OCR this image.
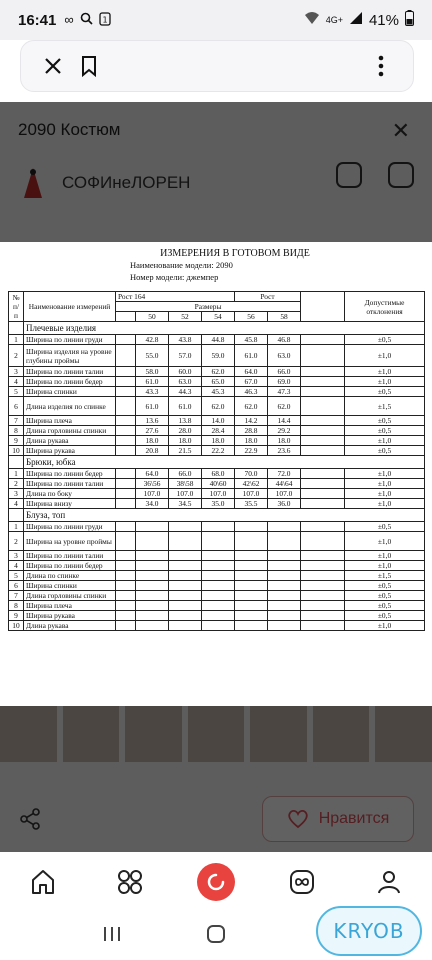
16:41 ∞	1	4G+ 41%
ИЗМЕРЕНИЯ В ГОТОВОМ ВИДЕ
Наименование модели: 2090
Номер модели: джемпер
№ п/ п	Наименование измерений	Рост 164				Рост			Допустимые отклонения
		Размеры							
			50	52	54	56	58		
	Плечевые изделия								
1	Ширина по линии груди		42.8	43.8	44.8	45.8	46.8		±0,5
2	Ширина изделия на уровне глубины проймы		55.0	57.0	59.0	61.0	63.0		±1,0
3	Ширина по линии талии		58.0	60.0	62.0	64.0	66.0		±1,0
4	Ширина по линии бедер		61.0	63.0	65.0	67.0	69.0		±1,0
5	Ширина спинки		43.3	44.3	45.3	46.3	47.3		±0,5
6	Длина изделия по спинке		61.0	61.0	62.0	62.0	62.0		±1,5
7	Ширина плеча		13.6	13.8	14.0	14.2	14.4		±0,5
8	Длина горловины спинки		27.6	28.0	28.4	28.8	29.2		±0,5
9	Длина рукава		18.0	18.0	18.0	18.0	18.0		±1,0
10	Ширина рукава		20.8	21.5	22.2	22.9	23.6		±0,5
	Брюки, юбка								
1	Ширина по линии бедер		64.0	66.0	68.0	70.0	72.0		±1,0
2	Ширина по линии талии		36\56	38\58	40\60	42\62	44\64		±1,0
3	Длина по боку		107.0	107.0	107.0	107.0	107.0		±1,0
4	Ширина внизу		34.0	34.5	35.0	35.5	36.0		±1,0
	Блуза, топ								
1	Ширина по линии груди								±0,5
2	Ширина на уровне проймы								±1,0
3	Ширина по линии талии								±1,0
4	Ширина по линии бедер								±1,0
5	Длина по спинке								±1,5
6	Ширина спинки								±0,5
7	Длина горловины спинки								±0,5
8	Ширина плеча								±0,5
9	Ширина рукава								±0,5
10	Длина рукава								±1,0
KRYOB
